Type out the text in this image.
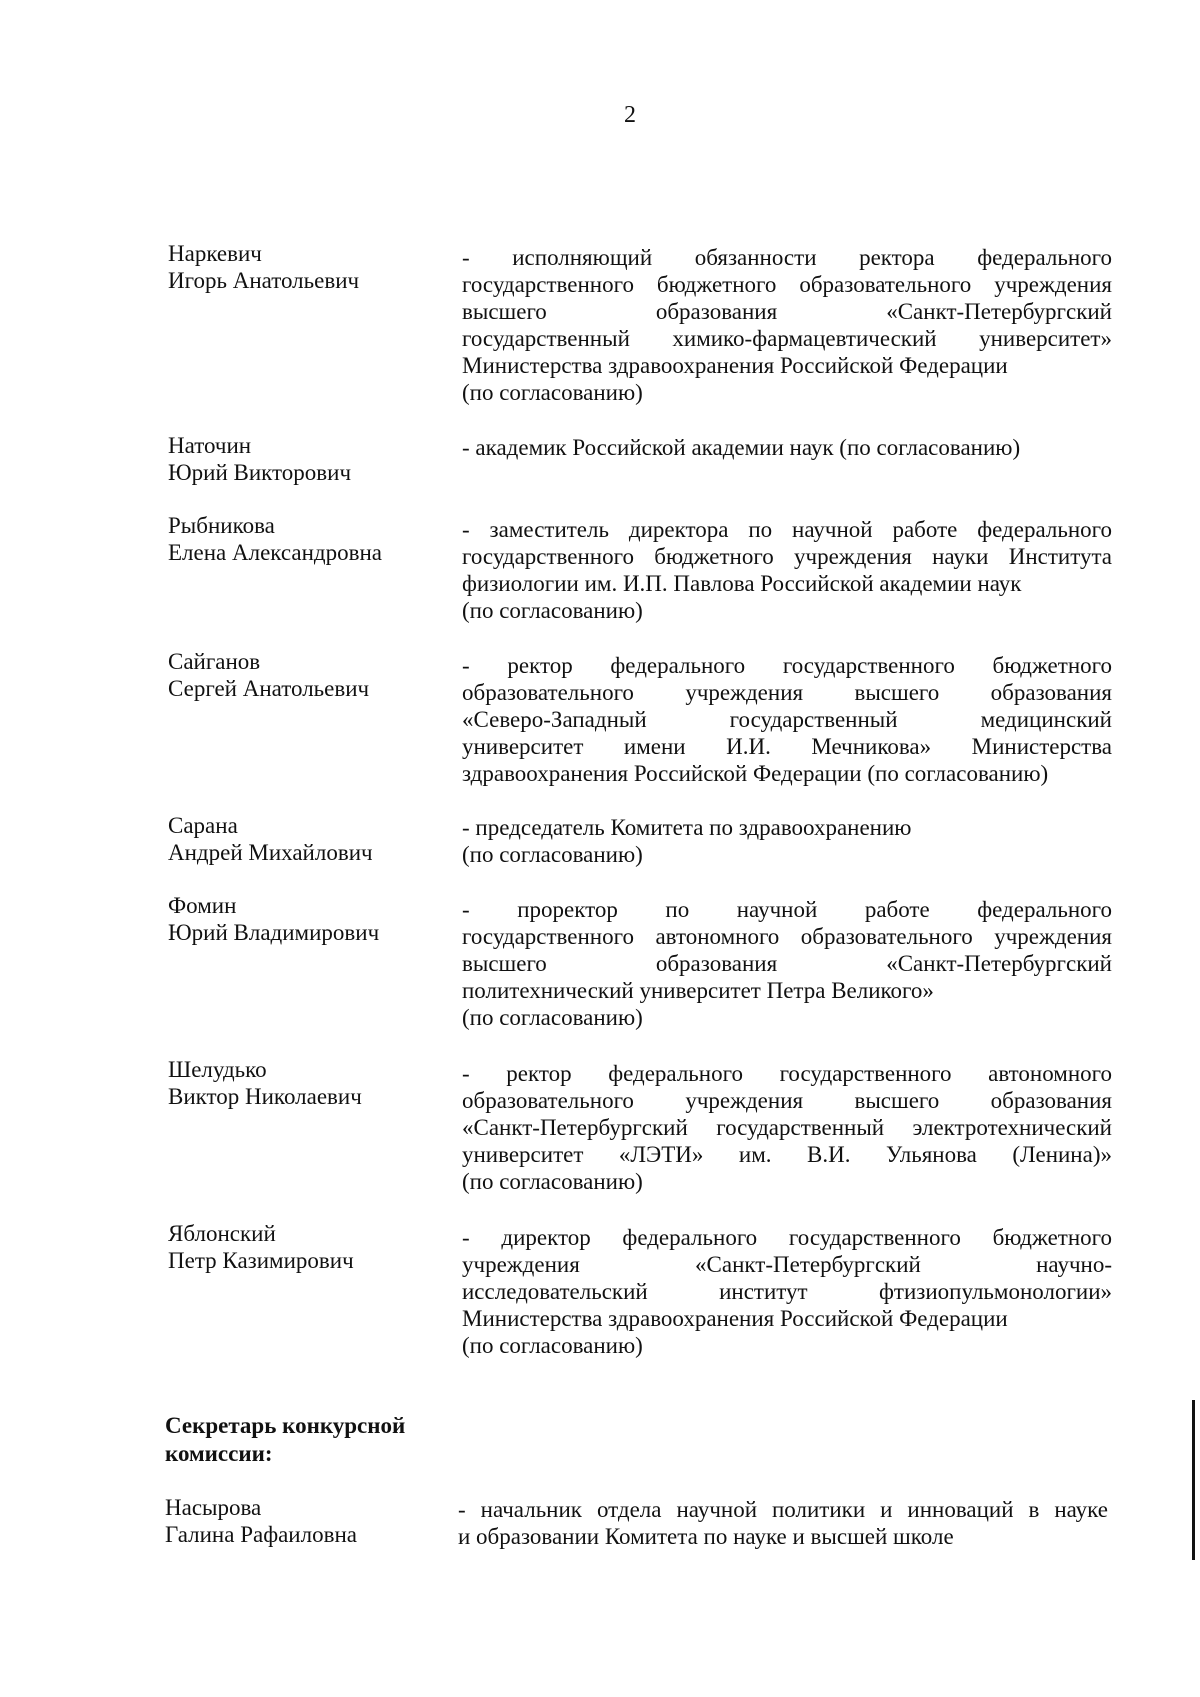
2
Наркевич
Игорь Анатольевич
- исполняющий обязанности ректора федерального
государственного бюджетного образовательного учреждения
высшего образования «Санкт-Петербургский
государственный химико-фармацевтический университет»
Министерства здравоохранения Российской Федерации
(по согласованию)
Наточин
Юрий Викторович
- академик Российской академии наук (по согласованию)
Рыбникова
Елена Александровна
- заместитель директора по научной работе федерального
государственного бюджетного учреждения науки Института
физиологии им. И.П. Павлова Российской академии наук
(по согласованию)
Сайганов
Сергей Анатольевич
- ректор федерального государственного бюджетного
образовательного учреждения высшего образования
«Северо-Западный государственный медицинский
университет имени И.И. Мечникова» Министерства
здравоохранения Российской Федерации (по согласованию)
Сарана
Андрей Михайлович
- председатель Комитета по здравоохранению
(по согласованию)
Фомин
Юрий Владимирович
- проректор по научной работе федерального
государственного автономного образовательного учреждения
высшего образования «Санкт-Петербургский
политехнический университет Петра Великого»
(по согласованию)
Шелудько
Виктор Николаевич
- ректор федерального государственного автономного
образовательного учреждения высшего образования
«Санкт-Петербургский государственный электротехнический
университет «ЛЭТИ» им. В.И. Ульянова (Ленина)»
(по согласованию)
Яблонский
Петр Казимирович
- директор федерального государственного бюджетного
учреждения «Санкт-Петербургский научно-
исследовательский институт фтизиопульмонологии»
Министерства здравоохранения Российской Федерации
(по согласованию)
Секретарь конкурсной
комиссии:
Насырова
Галина Рафаиловна
- начальник отдела научной политики и инноваций в науке
и образовании Комитета по науке и высшей школе
